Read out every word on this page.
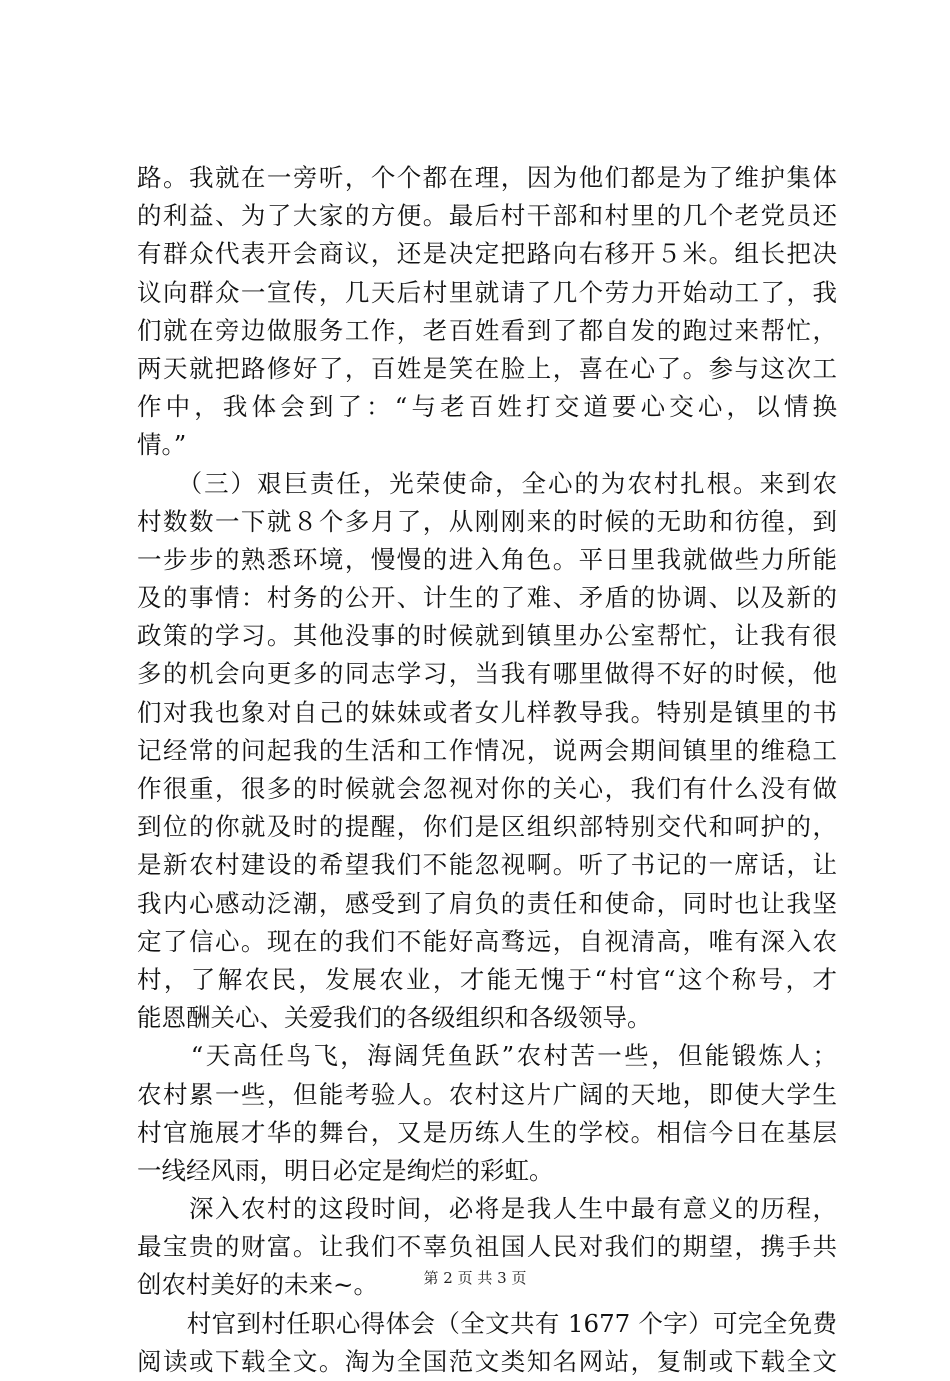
路。我就在一旁听，个个都在理，因为他们都是为了维护集体
的利益、为了大家的方便。最后村干部和村里的几个老党员还
有群众代表开会商议，还是决定把路向右移开５米。组长把决
议向群众一宣传，几天后村里就请了几个劳力开始动工了，我
们就在旁边做服务工作，老百姓看到了都自发的跑过来帮忙，
两天就把路修好了，百姓是笑在脸上，喜在心了。参与这次工
作中，我体会到了：“与老百姓打交道要心交心，以情换
情。”
　　（三）艰巨责任，光荣使命，全心的为农村扎根。来到农
村数数一下就８个多月了，从刚刚来的时候的无助和彷徨，到
一步步的熟悉环境，慢慢的进入角色。平日里我就做些力所能
及的事情：村务的公开、计生的了难、矛盾的协调、以及新的
政策的学习。其他没事的时候就到镇里办公室帮忙，让我有很
多的机会向更多的同志学习，当我有哪里做得不好的时候，他
们对我也象对自己的妹妹或者女儿样教导我。特别是镇里的书
记经常的问起我的生活和工作情况，说两会期间镇里的维稳工
作很重，很多的时候就会忽视对你的关心，我们有什么没有做
到位的你就及时的提醒，你们是区组织部特别交代和呵护的，
是新农村建设的希望我们不能忽视啊。听了书记的一席话，让
我内心感动泛潮，感受到了肩负的责任和使命，同时也让我坚
定了信心。现在的我们不能好高骛远，自视清高，唯有深入农
村，了解农民，发展农业，才能无愧于“村官“这个称号，才
能恩酬关心、关爱我们的各级组织和各级领导。
　　“天高任鸟飞，海阔凭鱼跃”农村苦一些，但能锻炼人；
农村累一些，但能考验人。农村这片广阔的天地，即使大学生
村官施展才华的舞台，又是历练人生的学校。相信今日在基层
一线经风雨，明日必定是绚烂的彩虹。
　　深入农村的这段时间，必将是我人生中最有意义的历程，
最宝贵的财富。让我们不辜负祖国人民对我们的期望，携手共
创农村美好的未来~。
　　村官到村任职心得体会（全文共有 1677 个字）可完全免费
阅读或下载全文。淘为全国范文类知名网站，复制或下载全文
第 2 页 共 3 页
